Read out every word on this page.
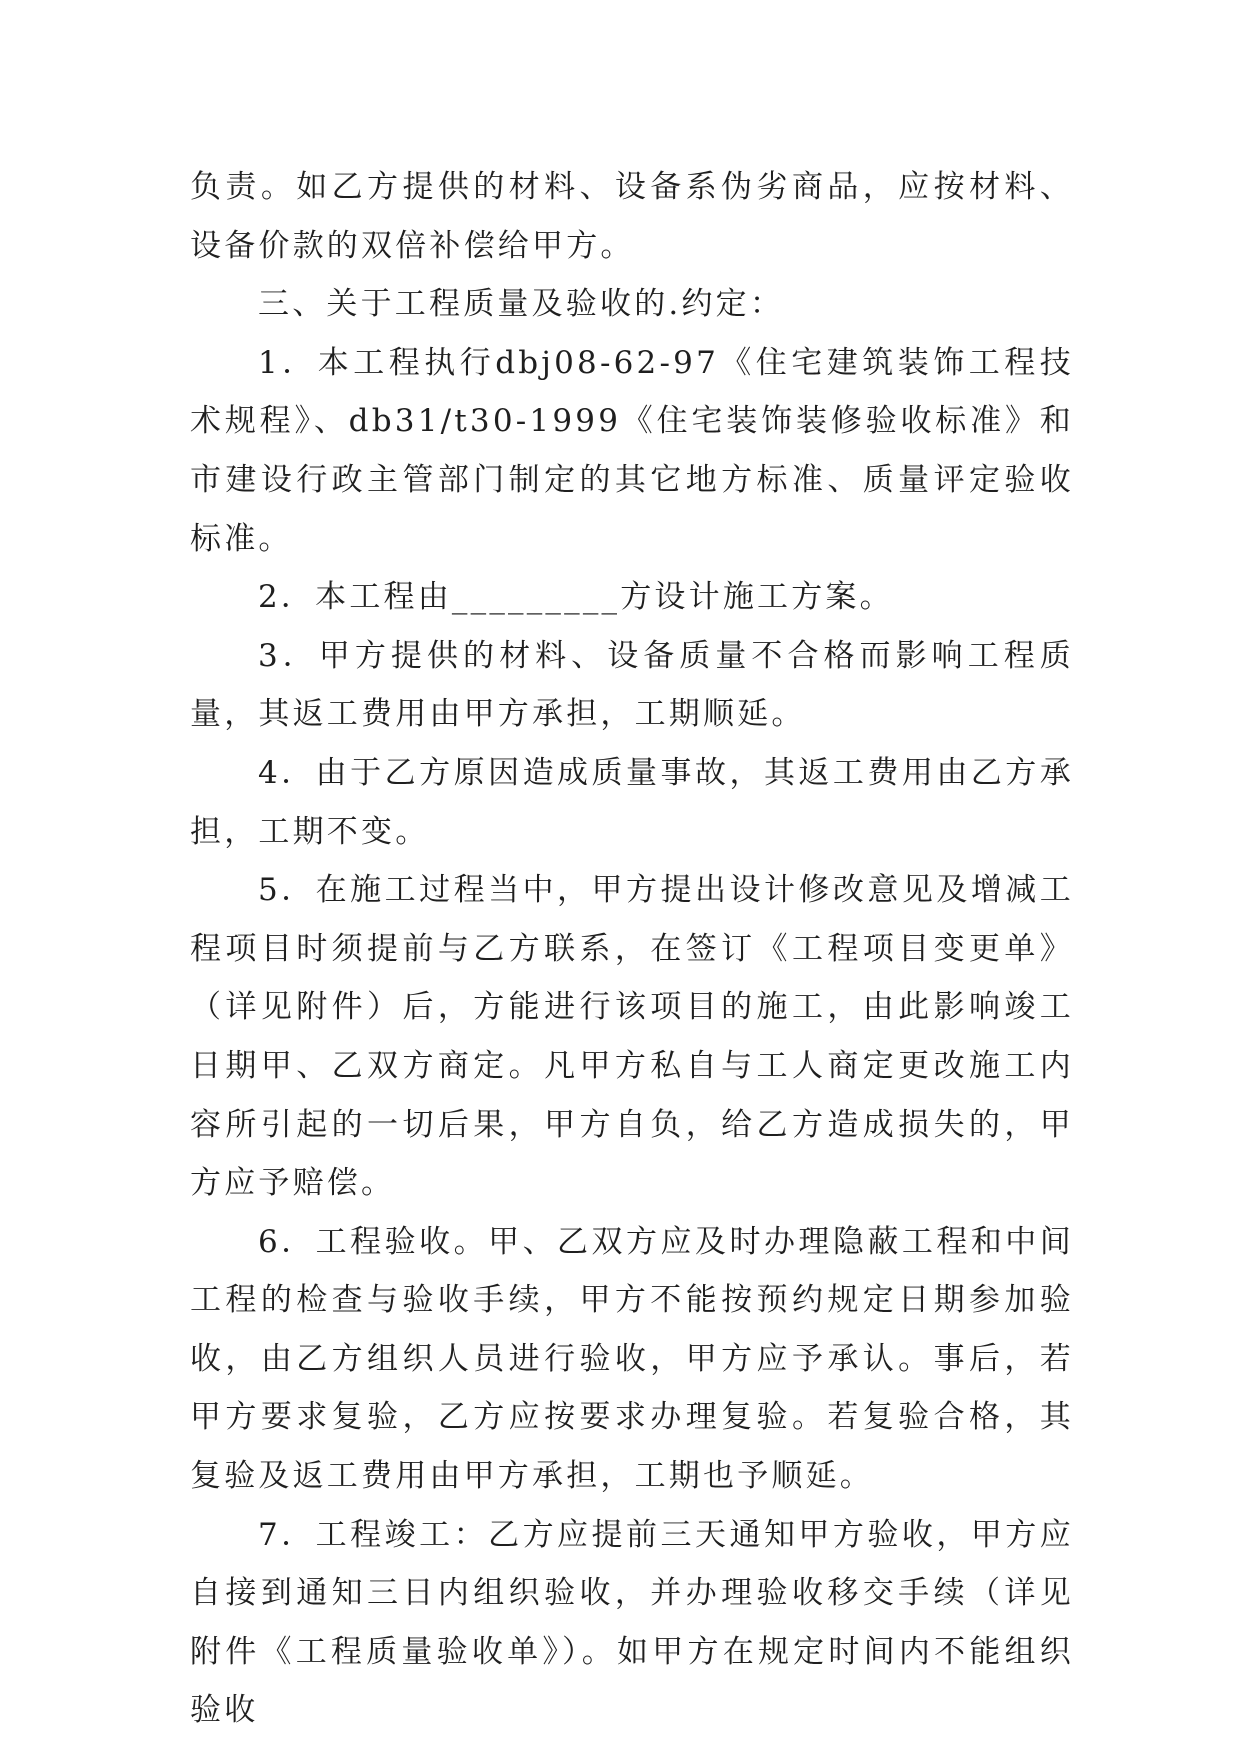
负责。如乙方提供的材料、设备系伪劣商品，应按材料、设备价款的双倍补偿给甲方。

三、关于工程质量及验收的.约定：

1．本工程执行dbj08-62-97《住宅建筑装饰工程技术规程》、db31/t30-1999《住宅装饰装修验收标准》和市建设行政主管部门制定的其它地方标准、质量评定验收标准。

2．本工程由_________方设计施工方案。

3．甲方提供的材料、设备质量不合格而影响工程质量，其返工费用由甲方承担，工期顺延。

4．由于乙方原因造成质量事故，其返工费用由乙方承担，工期不变。

5．在施工过程当中，甲方提出设计修改意见及增减工程项目时须提前与乙方联系，在签订《工程项目变更单》（详见附件）后，方能进行该项目的施工，由此影响竣工日期甲、乙双方商定。凡甲方私自与工人商定更改施工内容所引起的一切后果，甲方自负，给乙方造成损失的，甲方应予赔偿。

6．工程验收。甲、乙双方应及时办理隐蔽工程和中间工程的检查与验收手续，甲方不能按预约规定日期参加验收，由乙方组织人员进行验收，甲方应予承认。事后，若甲方要求复验，乙方应按要求办理复验。若复验合格，其复验及返工费用由甲方承担，工期也予顺延。

7．工程竣工：乙方应提前三天通知甲方验收，甲方应自接到通知三日内组织验收，并办理验收移交手续（详见附件《工程质量验收单》）。如甲方在规定时间内不能组织验收
